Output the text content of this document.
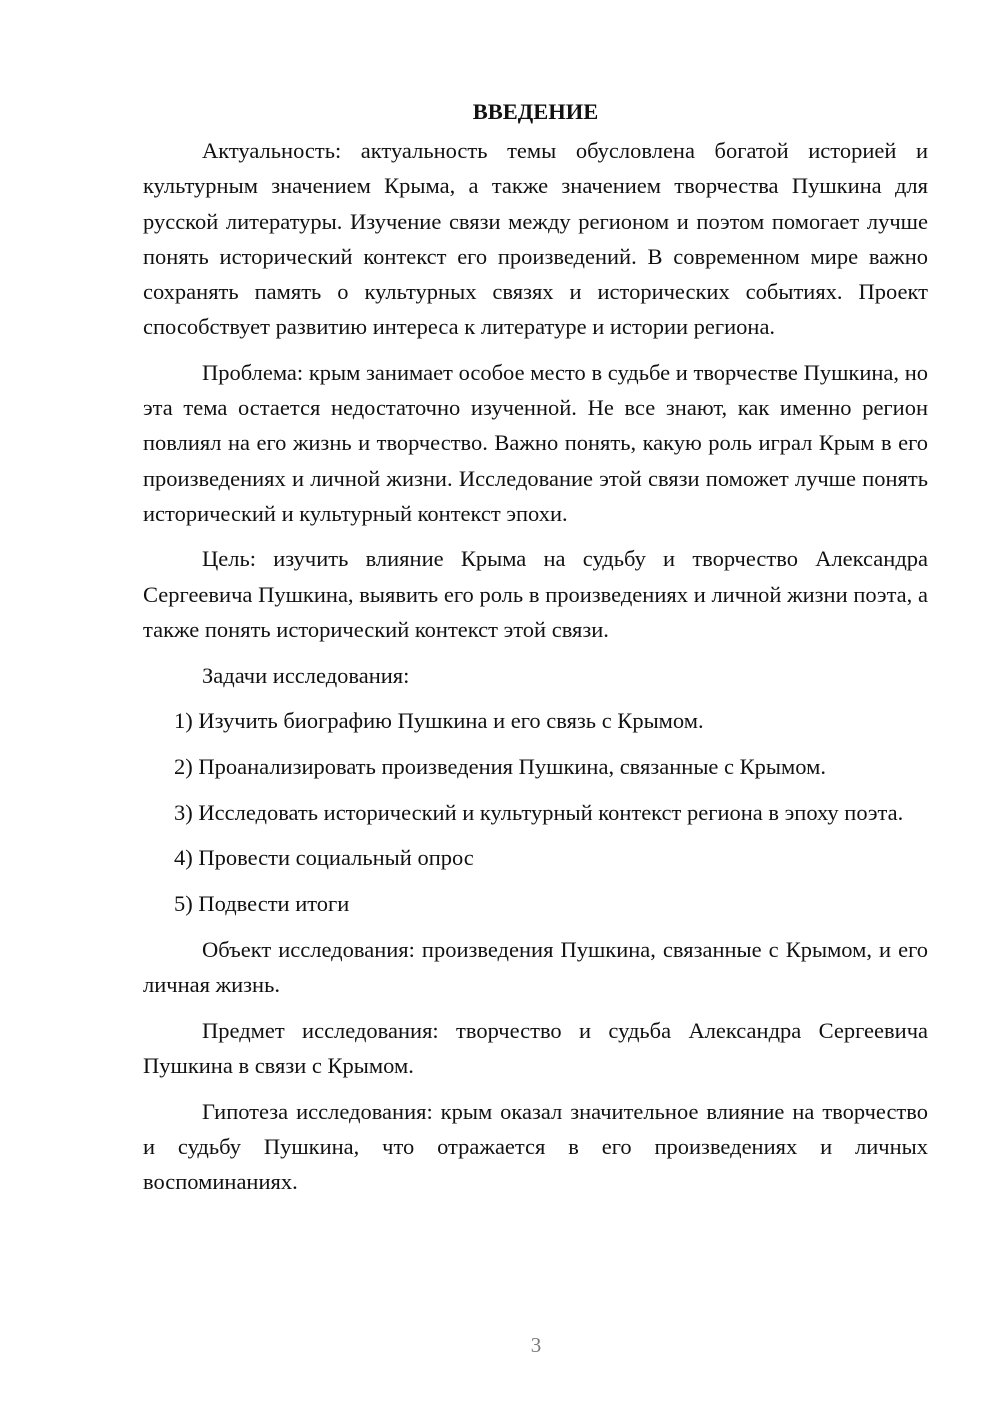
ВВЕДЕНИЕ

Актуальность: актуальность темы обусловлена богатой историей и культурным значением Крыма, а также значением творчества Пушкина для русской литературы. Изучение связи между регионом и поэтом помогает лучше понять исторический контекст его произведений. В современном мире важно сохранять память о культурных связях и исторических событиях. Проект способствует развитию интереса к литературе и истории региона.

Проблема: крым занимает особое место в судьбе и творчестве Пушкина, но эта тема остается недостаточно изученной. Не все знают, как именно регион повлиял на его жизнь и творчество. Важно понять, какую роль играл Крым в его произведениях и личной жизни. Исследование этой связи поможет лучше понять исторический и культурный контекст эпохи.

Цель: изучить влияние Крыма на судьбу и творчество Александра Сергеевича Пушкина, выявить его роль в произведениях и личной жизни поэта, а также понять исторический контекст этой связи.

Задачи исследования:

1) Изучить биографию Пушкина и его связь с Крымом.

2) Проанализировать произведения Пушкина, связанные с Крымом.

3) Исследовать исторический и культурный контекст региона в эпоху поэта.

4) Провести социальный опрос

5) Подвести итоги

Объект исследования: произведения Пушкина, связанные с Крымом, и его личная жизнь.

Предмет исследования: творчество и судьба Александра Сергеевича Пушкина в связи с Крымом.

Гипотеза исследования: крым оказал значительное влияние на творчество и судьбу Пушкина, что отражается в его произведениях и личных воспоминаниях.

3
